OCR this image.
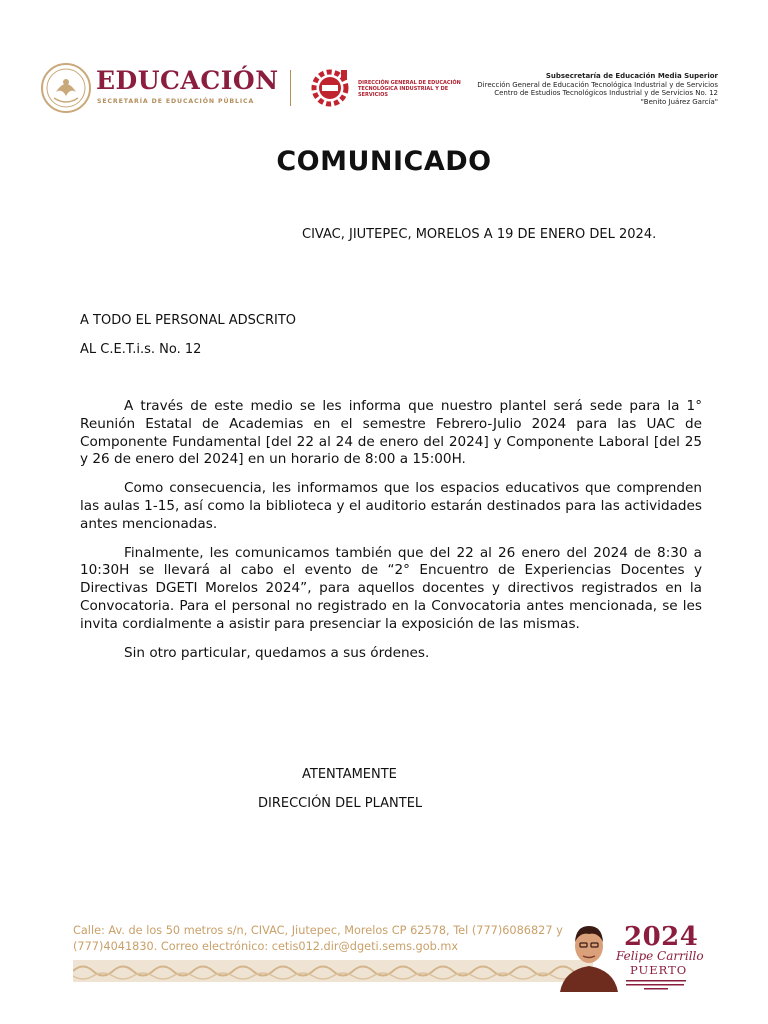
EDUCACIÓN
SECRETARÍA DE EDUCACIÓN PÚBLICA
DIRECCIÓN GENERAL DE EDUCACIÓN TECNOLÓGICA INDUSTRIAL Y DE SERVICIOS
Subsecretaría de Educación Media Superior
Dirección General de Educación Tecnológica Industrial y de Servicios
Centro de Estudios Tecnológicos Industrial y de Servicios No. 12
"Benito Juárez García"
COMUNICADO
CIVAC, JIUTEPEC, MORELOS A 19 DE ENERO DEL 2024.
A TODO EL PERSONAL ADSCRITO
AL C.E.T.i.s. No. 12

A través de este medio se les informa que nuestro plantel será sede para la 1° Reunión Estatal de Academias en el semestre Febrero-Julio 2024 para las UAC de Componente Fundamental [del 22 al 24 de enero del 2024] y Componente Laboral [del 25 y 26 de enero del 2024] en un horario de 8:00 a 15:00H.

Como consecuencia, les informamos que los espacios educativos que comprenden las aulas 1-15, así como la biblioteca y el auditorio estarán destinados para las actividades antes mencionadas.

Finalmente, les comunicamos también que del 22 al 26 enero del 2024 de 8:30 a 10:30H se llevará al cabo el evento de “2° Encuentro de Experiencias Docentes y Directivas DGETI Morelos 2024”, para aquellos docentes y directivos registrados en la Convocatoria. Para el personal no registrado en la Convocatoria antes mencionada, se les invita cordialmente a asistir para presenciar la exposición de las mismas.

Sin otro particular, quedamos a sus órdenes.

ATENTAMENTE
DIRECCIÓN DEL PLANTEL
Calle: Av. de los 50 metros s/n, CIVAC, Jiutepec, Morelos CP 62578, Tel (777)6086827 y
(777)4041830. Correo electrónico: cetis012.dir@dgeti.sems.gob.mx	2024
Felipe Carrillo
PUERTO
